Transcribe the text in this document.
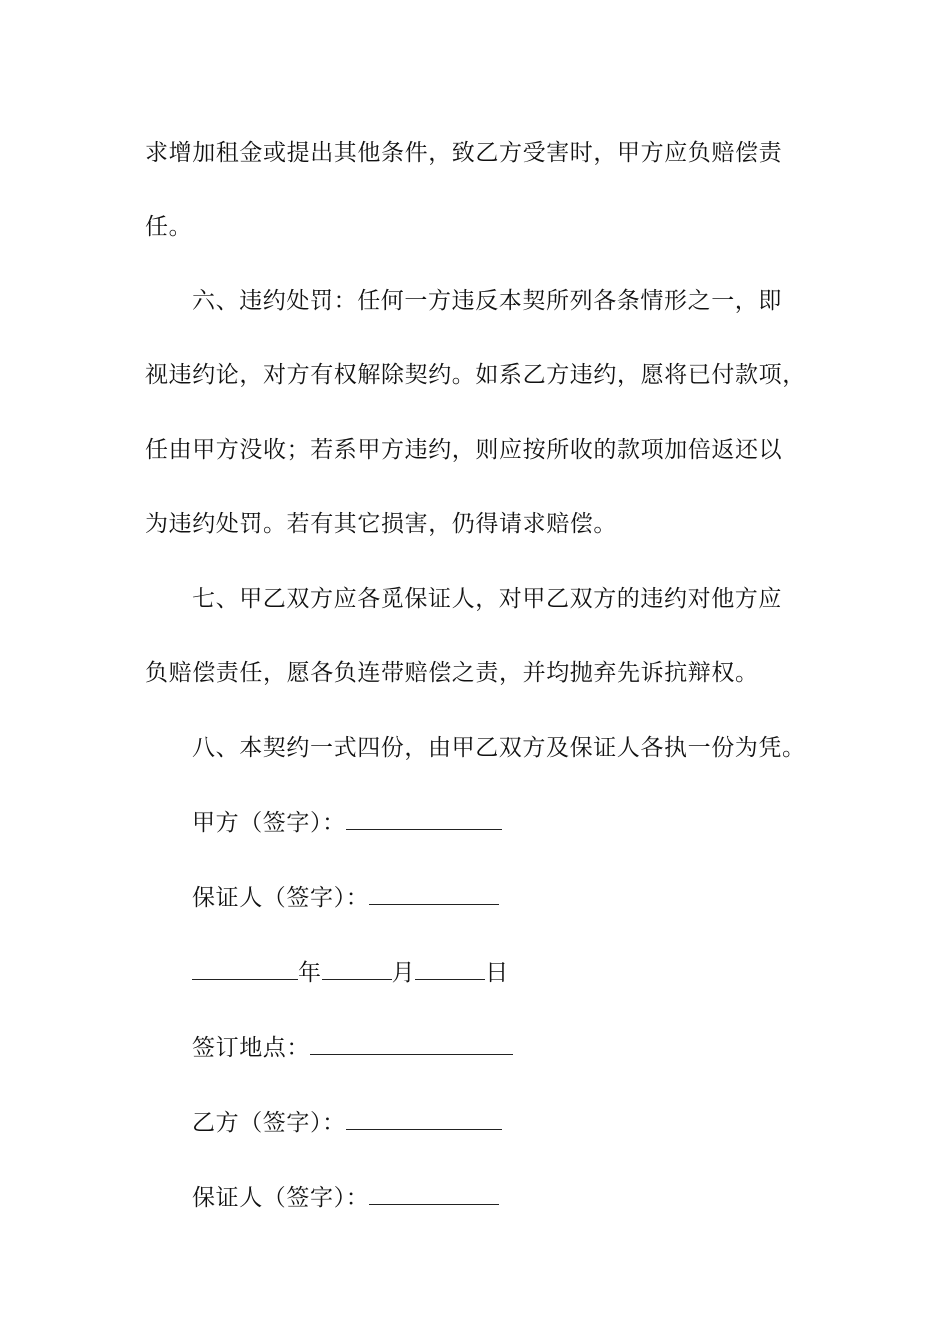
求增加租金或提出其他条件，致乙方受害时，甲方应负赔偿责
任。
六、违约处罚：任何一方违反本契所列各条情形之一，即
视违约论，对方有权解除契约。如系乙方违约，愿将已付款项，
任由甲方没收；若系甲方违约，则应按所收的款项加倍返还以
为违约处罚。若有其它损害，仍得请求赔偿。
七、甲乙双方应各觅保证人，对甲乙双方的违约对他方应
负赔偿责任，愿各负连带赔偿之责，并均抛弃先诉抗辩权。
八、本契约一式四份，由甲乙双方及保证人各执一份为凭。
甲方（签字）：
保证人（签字）：
年	月	日
签订地点：
乙方（签字）：
保证人（签字）：
